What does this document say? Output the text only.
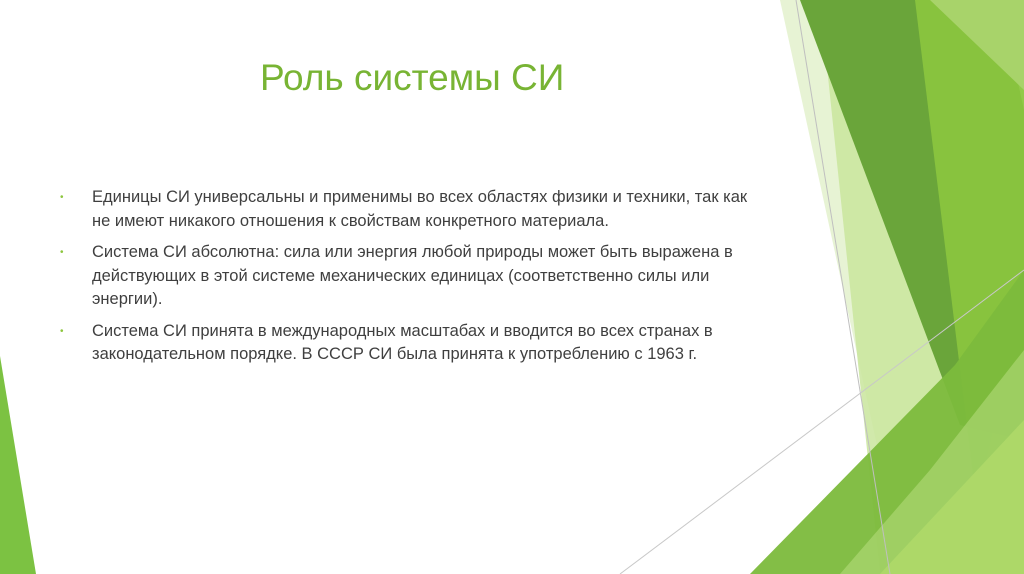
Роль системы СИ
•	Единицы СИ универсальны и применимы во всех областях физики и техники, так как не имеют никакого отношения к свойствам конкретного материала.
•	Система СИ абсолютна: сила или энергия любой природы может быть выражена в действующих в этой системе механических единицах (соответственно силы или энергии).
•	Система СИ принята в международных масштабах и вводится во всех странах в законодательном порядке. В СССР СИ была принята к употреблению с 1963 г.
